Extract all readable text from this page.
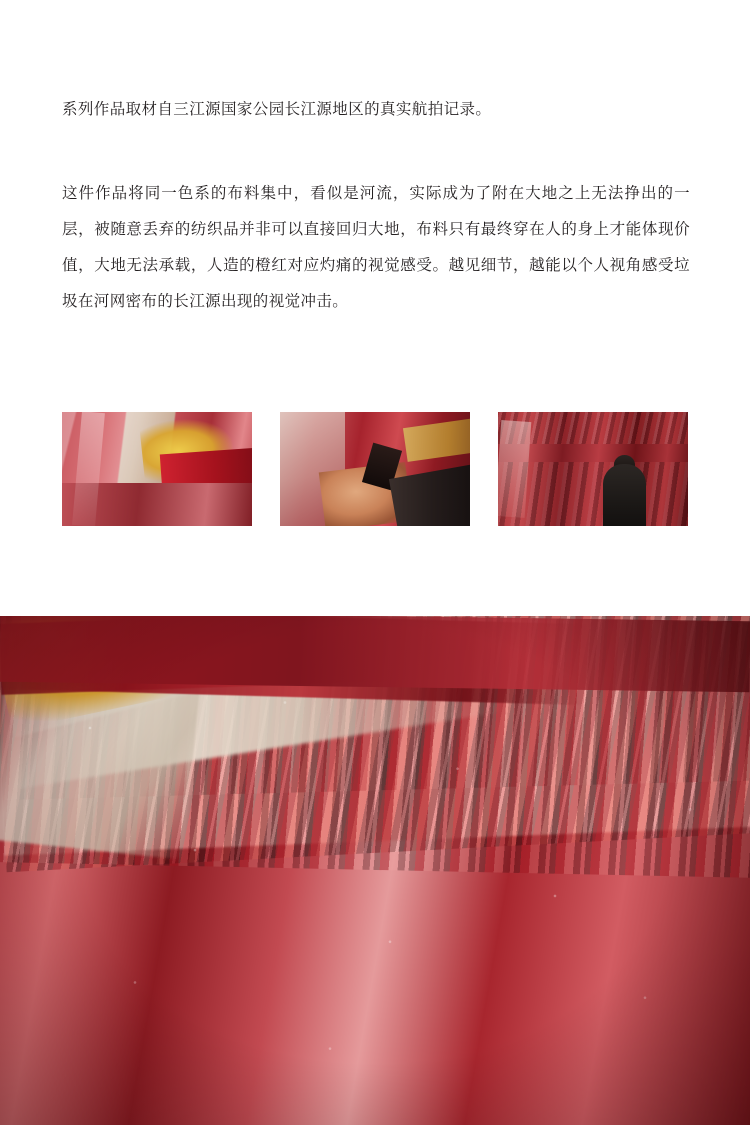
系列作品取材自三江源国家公园长江源地区的真实航拍记录。

这件作品将同一色系的布料集中，看似是河流，实际成为了附在大地之上无法挣出的一层，被随意丢弃的纺织品并非可以直接回归大地，布料只有最终穿在人的身上才能体现价值，大地无法承载，人造的橙红对应灼痛的视觉感受。越见细节，越能以个人视角感受垃圾在河网密布的长江源出现的视觉冲击。
